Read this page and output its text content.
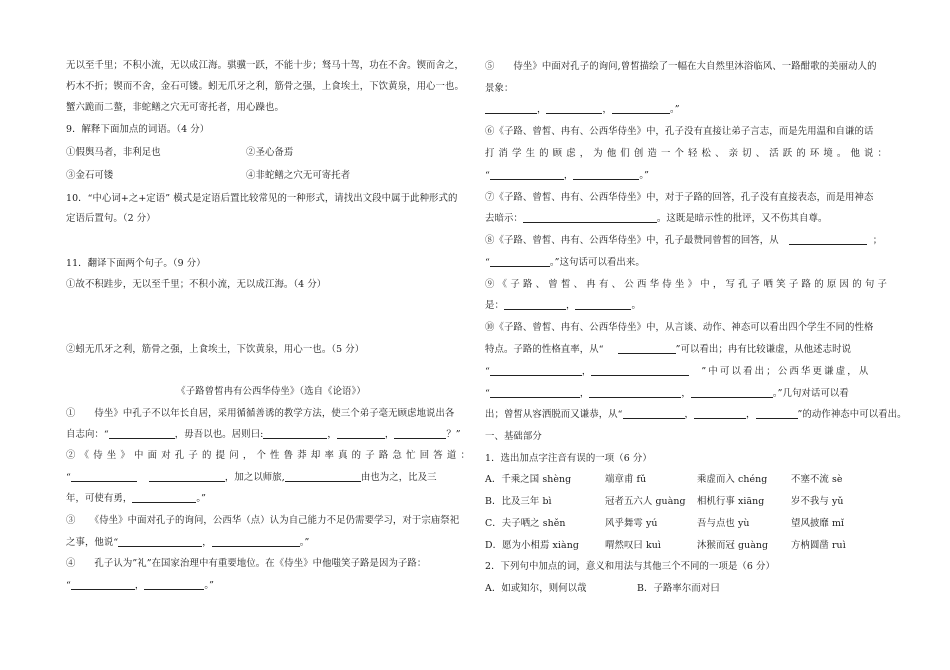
无以至千里；不积小流，无以成江海。骐骥一跃，不能十步；驽马十驾，功在不舍。锲而舍之，
朽木不折；锲而不舍，金石可镂。蚓无爪牙之利，筋骨之强，上食埃土，下饮黄泉，用心一也。
蟹六跪而二螯，非蛇鳝之穴无可寄托者，用心躁也。
9．解释下面加点的词语。（4 分）
①假舆马者，非利足也	②圣心备焉
③金石可镂	④非蛇鳝之穴无可寄托者
10．“中心词+之+定语” 模式是定语后置比较常见的一种形式，请找出文段中属于此种形式的
定语后置句。（2 分）
11．翻译下面两个句子。（9 分）
①故不积跬步，无以至千里；不积小流，无以成江海。（4 分）
②蚓无爪牙之利，筋骨之强，上食埃土，下饮黄泉，用心一也。（5 分）
《子路曾皙冉有公西华侍坐》（选自《论语》）
①　　侍坐》中孔子不以年长自居，采用循循善诱的教学方法，使三个弟子毫无顾虑地说出各
自志向：“	，毋吾以也。居则曰:	，	，	？”
②《侍坐》中面对孔子的提问，个性鲁莽却率真的子路急忙回答道：
“	，加之以师旅,	由也为之，比及三
年，可使有勇，	。”
③　　《侍坐》中面对孔子的询问，公西华（点）认为自己能力不足仍需要学习，对于宗庙祭祀
之事，他说“	，	。”
④　　孔子认为”礼”在国家治理中有重要地位。在《侍坐》中他嗤笑子路是因为子路：
“	，	。”
⑤　　侍坐》中面对孔子的询问,曾皙描绘了一幅在大自然里沐浴临风、一路酣歌的美丽动人的
景象：
，	，	。”
⑥《子路、曾皙、冉有、公西华侍坐》中，孔子没有直接让弟子言志，而是先用温和自谦的话
打消学生的顾虑，为他们创造一个轻松、亲切、活跃的环境。他说：
“	，	。”
⑦《子路、曾皙、冉有、公西华侍坐》中，对于子路的回答，孔子没有直接表态，而是用神态
去暗示：	。这既是暗示性的批评，又不伤其自尊。
⑧《子路、曾皙、冉有、公西华侍坐》中，孔子最赞同曾皙的回答，从	；
“	。”这句话可以看出来。
⑨《子路、曾皙、冉有、公西华侍坐》中，写孔子哂笑子路的原因的句子
是：	，	。
⑩《子路、曾皙、冉有、公西华侍坐》中，从言谈、动作、神态可以看出四个学生不同的性格
特点。子路的性格直率，从“	”可以看出；冉有比较谦虚，从他述志时说
“	，	”中可以看出；公西华更谦虚，从
“	，	，	。”几句对话可以看
出；曾皙从容洒脱而又谦恭，从“	，	，	”的动作神态中可以看出。
一、基础部分
1．选出加点字注音有误的一项（6 分）
A．千乘之国 shèng	端章甫 fǔ	乘虚而入 chéng	不塞不流 sè
B．比及三年 bì	冠者五六人 guàng 相机行事 xiāng	岁不我与 yǔ
C．夫子哂之 shěn	风乎舞雩 yú	吾与点也 yù	望风披靡 mǐ
D．愿为小相焉 xiàng	喟然叹曰 kuì	沐猴而冠 guàng 方枘圆凿 ruì
2．下列句中加点的词，意义和用法与其他三个不同的一项是（6 分）
A．如或知尔，则何以哉	B．子路率尔而对曰
